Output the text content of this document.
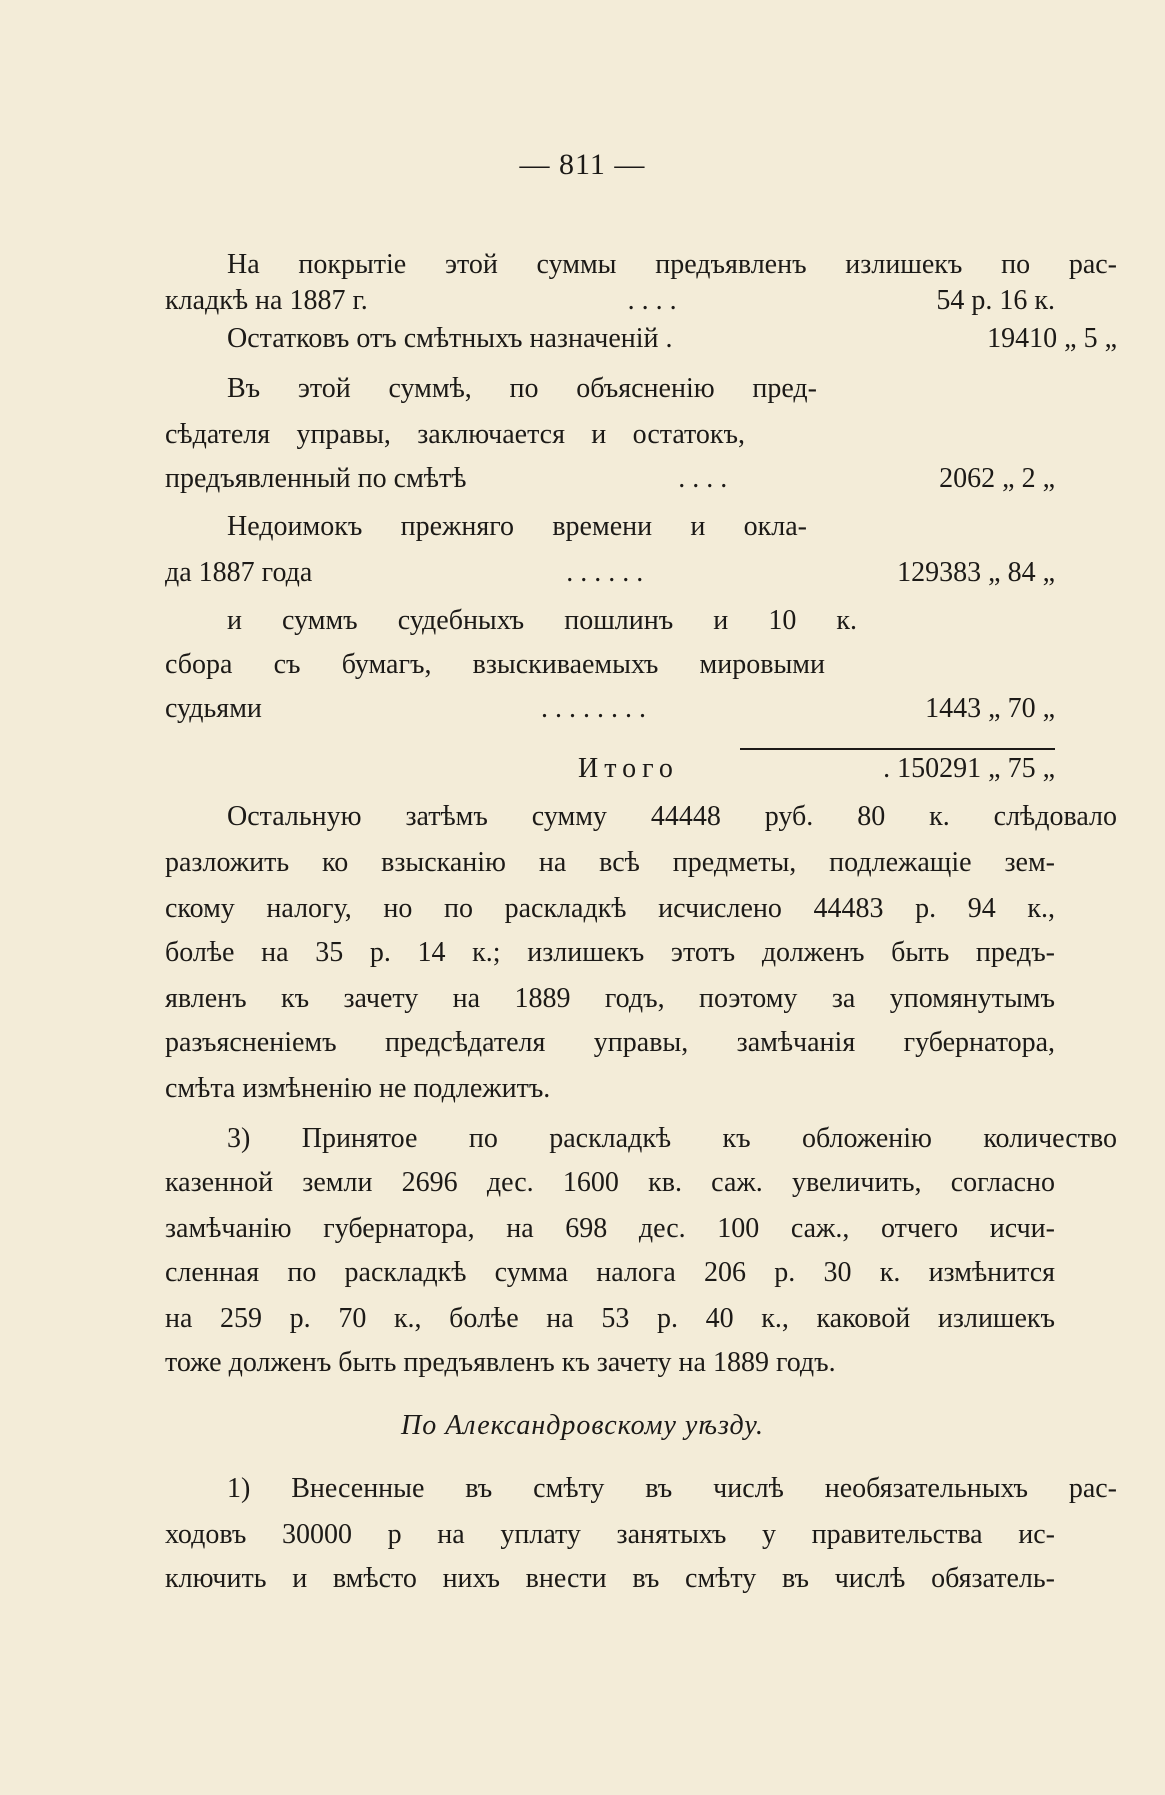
— 811 —
На покрытіе этой суммы предъявленъ излишекъ по рас-
кладкѣ на 1887 г.	. . . .	54 р. 16 к.
Остатковъ отъ смѣтныхъ назначеній .	19410 „ 5 „
Въ этой суммѣ, по объясненію пред-
сѣдателя управы, заключается и остатокъ,
предъявленный по смѣтѣ	. . . .	2062 „ 2 „
Недоимокъ прежняго времени и окла-
да 1887 года	. . . . . .	129383 „ 84 „
и суммъ судебныхъ пошлинъ и 10 к.
сбора съ бумагъ, взыскиваемыхъ мировыми
судьями	. . . . . . . .	1443 „ 70 „
Итого	. 150291 „ 75 „
Остальную затѣмъ сумму 44448 руб. 80 к. слѣдовало
разложить ко взысканію на всѣ предметы, подлежащіе зем-
скому налогу, но по раскладкѣ исчислено 44483 р. 94 к.,
болѣе на 35 р. 14 к.; излишекъ этотъ долженъ быть предъ-
явленъ къ зачету на 1889 годъ, поэтому за упомянутымъ
разъясненіемъ предсѣдателя управы, замѣчанія губернатора,
смѣта измѣненію не подлежитъ.
3) Принятое по раскладкѣ къ обложенію количество
казенной земли 2696 дес. 1600 кв. саж. увеличить, согласно
замѣчанію губернатора, на 698 дес. 100 саж., отчего исчи-
сленная по раскладкѣ сумма налога 206 р. 30 к. измѣнится
на 259 р. 70 к., болѣе на 53 р. 40 к., каковой излишекъ
тоже долженъ быть предъявленъ къ зачету на 1889 годъ.
По Александровскому уѣзду.
1) Внесенные въ смѣту въ числѣ необязательныхъ рас-
ходовъ 30000 р на уплату занятыхъ у правительства ис-
ключить и вмѣсто нихъ внести въ смѣту въ числѣ обязатель-
